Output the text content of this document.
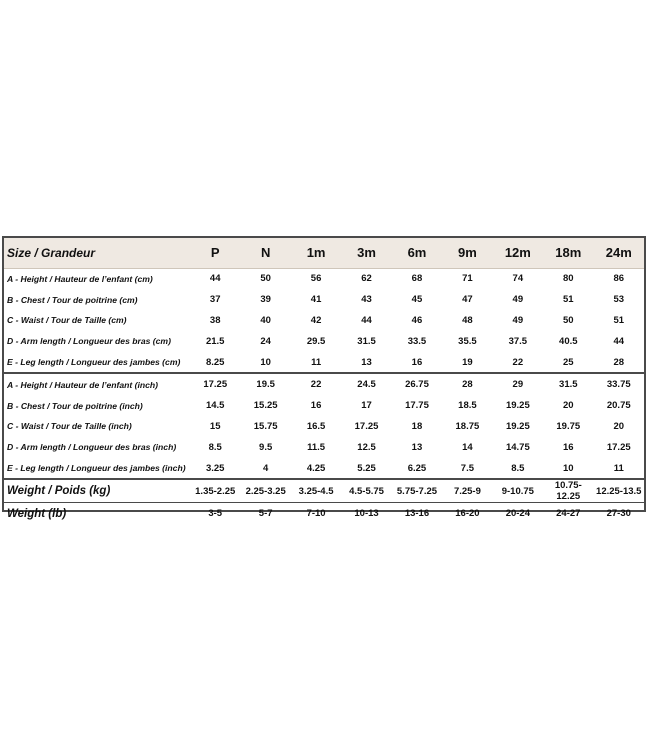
Size / Grandeur	P	N	1m	3m	6m	9m	12m	18m	24m
A - Height / Hauteur de l’enfant (cm)	44	50	56	62	68	71	74	80	86
B - Chest / Tour de poitrine (cm)	37	39	41	43	45	47	49	51	53
C - Waist / Tour de Taille (cm)	38	40	42	44	46	48	49	50	51
D - Arm length / Longueur des bras (cm)	21.5	24	29.5	31.5	33.5	35.5	37.5	40.5	44
E - Leg length / Longueur des jambes (cm)	8.25	10	11	13	16	19	22	25	28
A - Height / Hauteur de l’enfant (inch)	17.25	19.5	22	24.5	26.75	28	29	31.5	33.75
B - Chest / Tour de poitrine (inch)	14.5	15.25	16	17	17.75	18.5	19.25	20	20.75
C - Waist / Tour de Taille (inch)	15	15.75	16.5	17.25	18	18.75	19.25	19.75	20
D - Arm length / Longueur des bras (inch)	8.5	9.5	11.5	12.5	13	14	14.75	16	17.25
E - Leg length / Longueur des jambes (inch)	3.25	4	4.25	5.25	6.25	7.5	8.5	10	11
Weight / Poids (kg)	1.35-2.25	2.25-3.25	3.25-4.5	4.5-5.75	5.75-7.25	7.25-9	9-10.75	10.75-12.25	12.25-13.5
Weight (lb)	3-5	5-7	7-10	10-13	13-16	16-20	20-24	24-27	27-30
